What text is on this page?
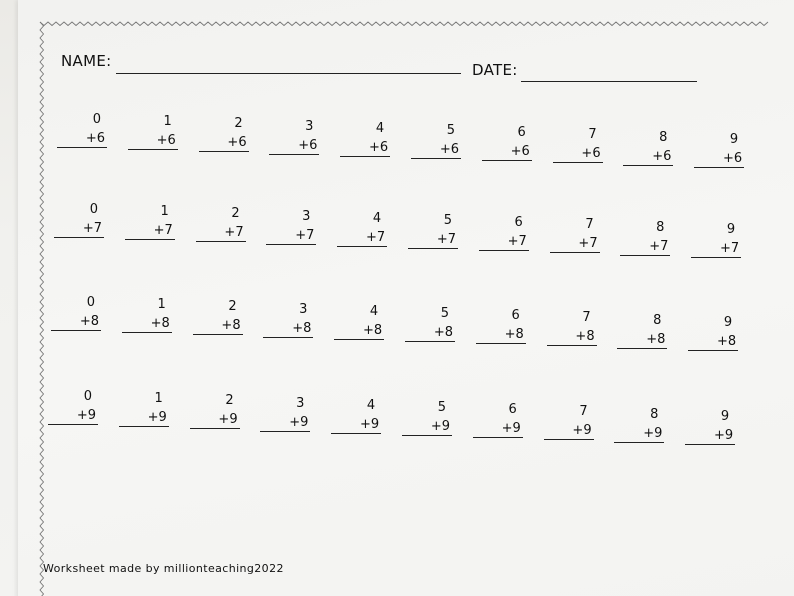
NAME:	DATE:
0
+6
1
+6
2
+6
3
+6
4
+6
5
+6
6
+6
7
+6
8
+6
9
+6
0
+7
1
+7
2
+7
3
+7
4
+7
5
+7
6
+7
7
+7
8
+7
9
+7
0
+8
1
+8
2
+8
3
+8
4
+8
5
+8
6
+8
7
+8
8
+8
9
+8
0
+9
1
+9
2
+9
3
+9
4
+9
5
+9
6
+9
7
+9
8
+9
9
+9
Worksheet made by millionteaching2022
